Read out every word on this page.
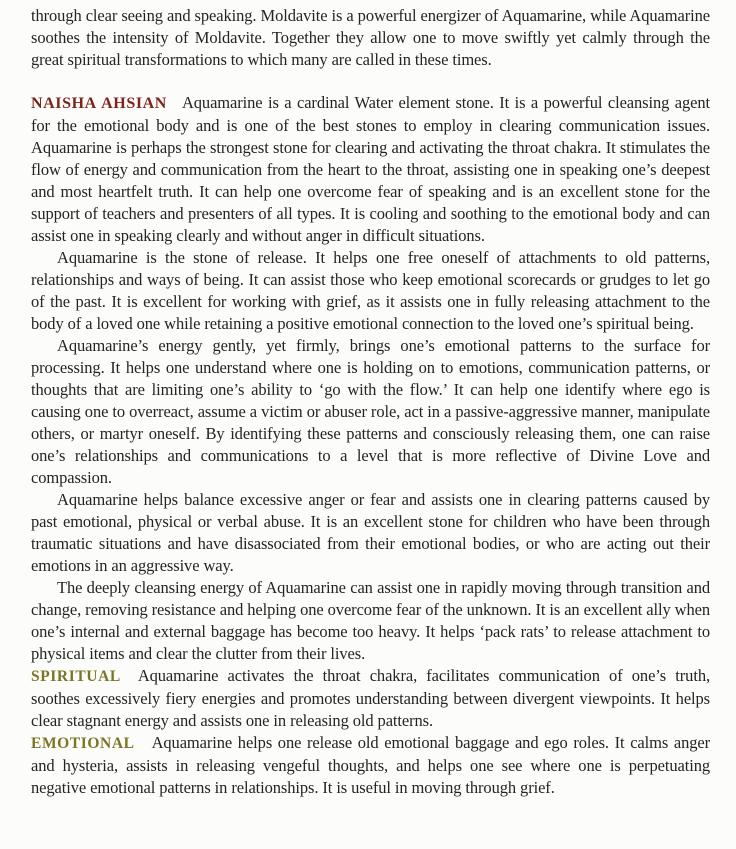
through clear seeing and speaking. Moldavite is a powerful energizer of Aquamarine, while Aquamarine soothes the intensity of Moldavite. Together they allow one to move swiftly yet calmly through the great spiritual transformations to which many are called in these times.

NAISHA AHSIAN Aquamarine is a cardinal Water element stone. It is a powerful cleansing agent for the emotional body and is one of the best stones to employ in clearing communication issues. Aquamarine is perhaps the strongest stone for clearing and activating the throat chakra. It stimulates the flow of energy and communication from the heart to the throat, assisting one in speaking one’s deepest and most heartfelt truth. It can help one overcome fear of speaking and is an excellent stone for the support of teachers and presenters of all types. It is cooling and soothing to the emotional body and can assist one in speaking clearly and without anger in difficult situations.

Aquamarine is the stone of release. It helps one free oneself of attachments to old patterns, relationships and ways of being. It can assist those who keep emotional scorecards or grudges to let go of the past. It is excellent for working with grief, as it assists one in fully releasing attachment to the body of a loved one while retaining a positive emotional connection to the loved one’s spiritual being.

Aquamarine’s energy gently, yet firmly, brings one’s emotional patterns to the surface for processing. It helps one understand where one is holding on to emotions, communication patterns, or thoughts that are limiting one’s ability to ‘go with the flow.’ It can help one identify where ego is causing one to overreact, assume a victim or abuser role, act in a passive-aggressive manner, manipulate others, or martyr oneself. By identifying these patterns and consciously releasing them, one can raise one’s relationships and communications to a level that is more reflective of Divine Love and compassion.

Aquamarine helps balance excessive anger or fear and assists one in clearing patterns caused by past emotional, physical or verbal abuse. It is an excellent stone for children who have been through traumatic situations and have disassociated from their emotional bodies, or who are acting out their emotions in an aggressive way.

The deeply cleansing energy of Aquamarine can assist one in rapidly moving through transition and change, removing resistance and helping one overcome fear of the unknown. It is an excellent ally when one’s internal and external baggage has become too heavy. It helps ‘pack rats’ to release attachment to physical items and clear the clutter from their lives.

SPIRITUAL Aquamarine activates the throat chakra, facilitates communication of one’s truth, soothes excessively fiery energies and promotes understanding between divergent viewpoints. It helps clear stagnant energy and assists one in releasing old patterns.

EMOTIONAL Aquamarine helps one release old emotional baggage and ego roles. It calms anger and hysteria, assists in releasing vengeful thoughts, and helps one see where one is perpetuating negative emotional patterns in relationships. It is useful in moving through grief.
